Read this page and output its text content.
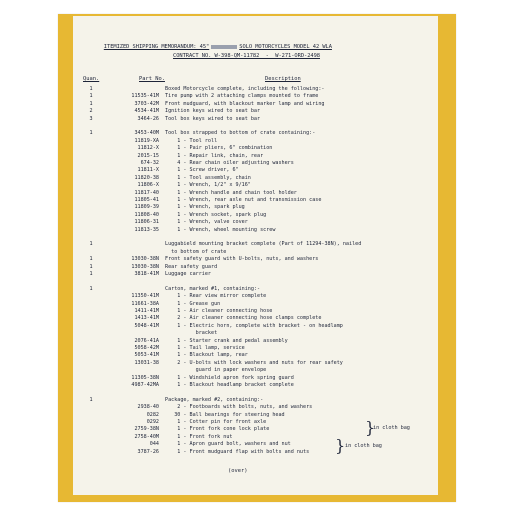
ITEMIZED SHIPPING MEMORANDUM: 45"	SOLO MOTORCYCLES MODEL 42 WLA

CONTRACT NO. W-398-QM-11782  -  W-271-ORD-2498
Quan.	Part No.	Description
1	Boxed Motorcycle complete, including the following:-
1	11535-41M Tire pump with 2 attaching clamps mounted to frame
1	3703-42M Front mudguard, with blackout marker lamp and wiring
2	4534-41M Ignition keys wired to seat bar
3	3464-26 Tool box keys wired to seat bar
1	3453-40M Tool box strapped to bottom of crate containing:-
11819-XA 1 - Tool roll
11812-X 1 - Pair pliers, 6" combination
2015-15 1 - Repair link, chain, rear
674-32 4 - Rear chain oiler adjusting washers
11811-X 1 - Screw driver, 6"
11820-38 1 - Tool assembly, chain
11806-X 1 - Wrench, 1/2" x 9/16"
11817-40 1 - Wrench handle and chain tool holder
11805-41 1 - Wrench, rear axle nut and transmission case
11809-39 1 - Wrench, spark plug
11808-40 1 - Wrench socket, spark plug
11806-31 1 - Wrench, valve cover
11813-35 1 - Wrench, wheel mounting screw
1	Luggabield mounting bracket complete (Part of 11294-38N), nailed
to bottom of crate
1	13030-38N Front safety guard with U-bolts, nuts, and washers
1	13030-38N Rear safety guard
1	3818-41M Luggage carrier
1	Carton, marked #1, containing:-
11350-41M 1 - Rear view mirror complete
11661-38A 1 - Grease gun
1411-41M 1 - Air cleaner connecting hose
1413-41M 2 - Air cleaner connecting hose clamps complete
5048-41M 1 - Electric horn, complete with bracket - on headlamp
bracket
2076-41A 1 - Starter crank and pedal assembly
5058-42M 1 - Tail lamp, service
5053-41M 1 - Blackout lamp, rear
13031-38 2 - U-bolts with lock washers and nuts for rear safety
guard in paper envelope
11305-38N 1 - Windshield apron fork spring guard
4987-42MA 1 - Blackout headlamp bracket complete
1	Package, marked #2, containing:-
2938-40 2 - Footboards with bolts, nuts, and washers
0282 30 - Ball bearings for steering head
0292 1 - Cotter pin for front axle
2759-38N 1 - Front fork cone lock plate
2758-40M 1 - Front fork nut
044 1 - Apron guard bolt, washers and nut
3787-26 1 - Front mudguard flap with bolts and nuts
}
in cloth bag
} in cloth bag
(over)
